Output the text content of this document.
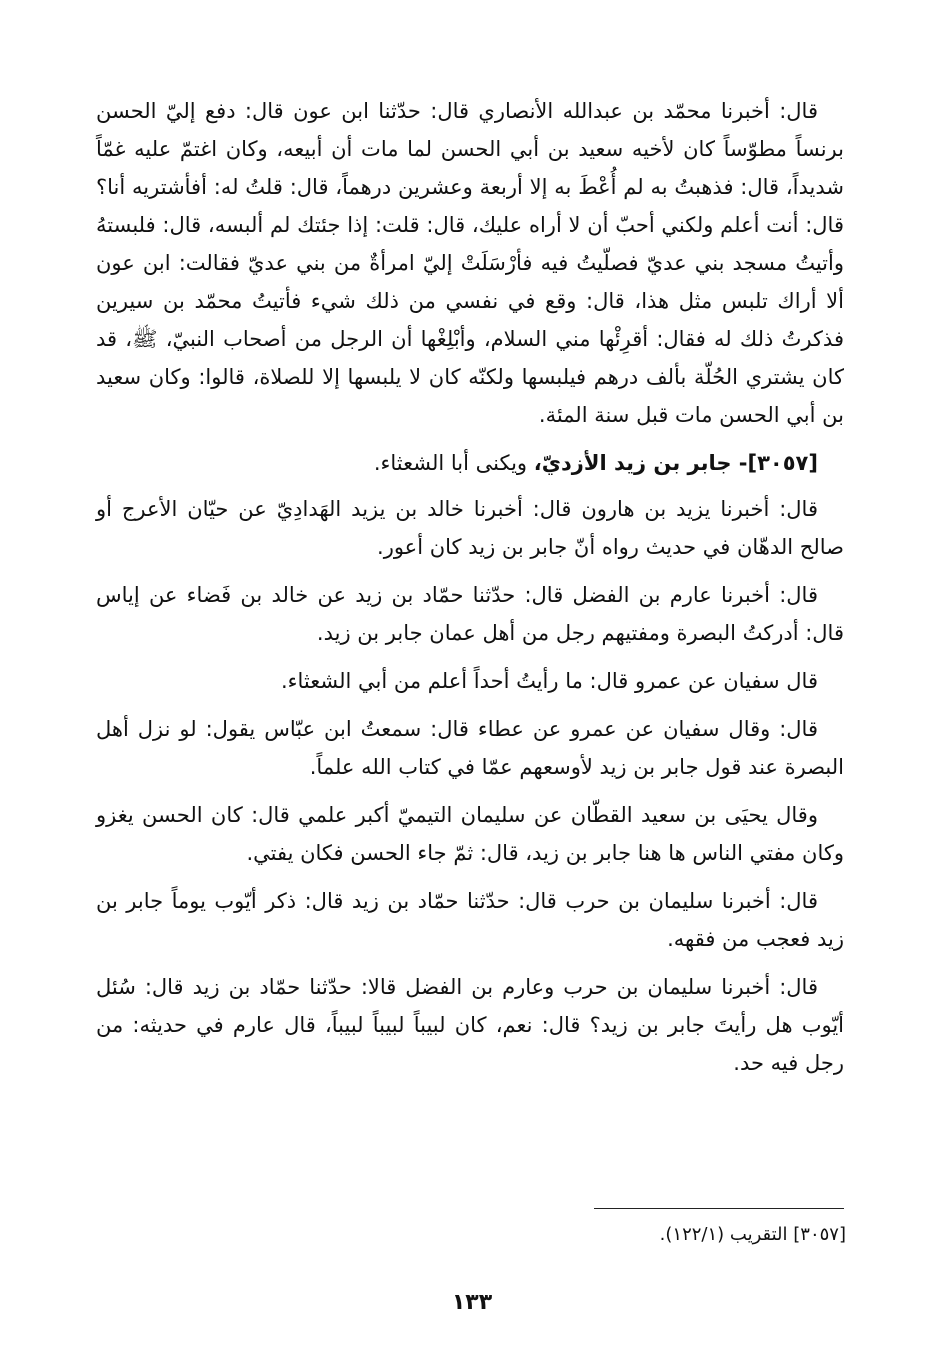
قال: أخبرنا محمّد بن عبدالله الأنصاري قال: حدّثنا ابن عون قال: دفع إليّ الحسن برنساً مطوّساً كان لأخيه سعيد بن أبي الحسن لما مات أن أبيعه، وكان اغتمّ عليه غمّاً شديداً، قال: فذهبتُ به لم أُعْطَ به إلا أربعة وعشرين درهماً، قال: قلتُ له: أفأشتريه أنا؟ قال: أنت أعلم ولكني أحبّ أن لا أراه عليك، قال: قلت: إذا جئتك لم ألبسه، قال: فلبستهُ وأتيتُ مسجد بني عديّ فصلّيتُ فيه فأرْسَلَتْ إليّ امرأةٌ من بني عديّ فقالت: ابن عون ألا أراك تلبس مثل هذا، قال: وقع في نفسي من ذلك شيء فأتيتُ محمّد بن سيرين فذكرتُ ذلك له فقال: أقرِئْها مني السلام، وأبْلِغْها أن الرجل من أصحاب النبيّ، ﷺ، قد كان يشتري الحُلّة بألف درهم فيلبسها ولكنّه كان لا يلبسها إلا للصلاة، قالوا: وكان سعيد بن أبي الحسن مات قبل سنة المئة.

[٣٠٥٧]- جابر بن زيد الأزديّ، ويكنى أبا الشعثاء.

قال: أخبرنا يزيد بن هارون قال: أخبرنا خالد بن يزيد الهَدادِيّ عن حيّان الأعرج أو صالح الدهّان في حديث رواه أنّ جابر بن زيد كان أعور.

قال: أخبرنا عارم بن الفضل قال: حدّثنا حمّاد بن زيد عن خالد بن فَضاء عن إياس قال: أدركتُ البصرة ومفتيهم رجل من أهل عمان جابر بن زيد.

قال سفيان عن عمرو قال: ما رأيتُ أحداً أعلم من أبي الشعثاء.

قال: وقال سفيان عن عمرو عن عطاء قال: سمعتُ ابن عبّاس يقول: لو نزل أهل البصرة عند قول جابر بن زيد لأوسعهم عمّا في كتاب الله علماً.

وقال يحيَى بن سعيد القطّان عن سليمان التيميّ أكبر علمي قال: كان الحسن يغزو وكان مفتي الناس ها هنا جابر بن زيد، قال: ثمّ جاء الحسن فكان يفتي.

قال: أخبرنا سليمان بن حرب قال: حدّثنا حمّاد بن زيد قال: ذكر أيّوب يوماً جابر بن زيد فعجب من فقهه.

قال: أخبرنا سليمان بن حرب وعارم بن الفضل قالا: حدّثنا حمّاد بن زيد قال: سُئل أيّوب هل رأيتَ جابر بن زيد؟ قال: نعم، كان لبيباً لبيباً لبيباً، قال عارم في حديثه: من رجل فيه حد.

[٣٠٥٧] التقريب (١٢٢/١).
١٣٣
